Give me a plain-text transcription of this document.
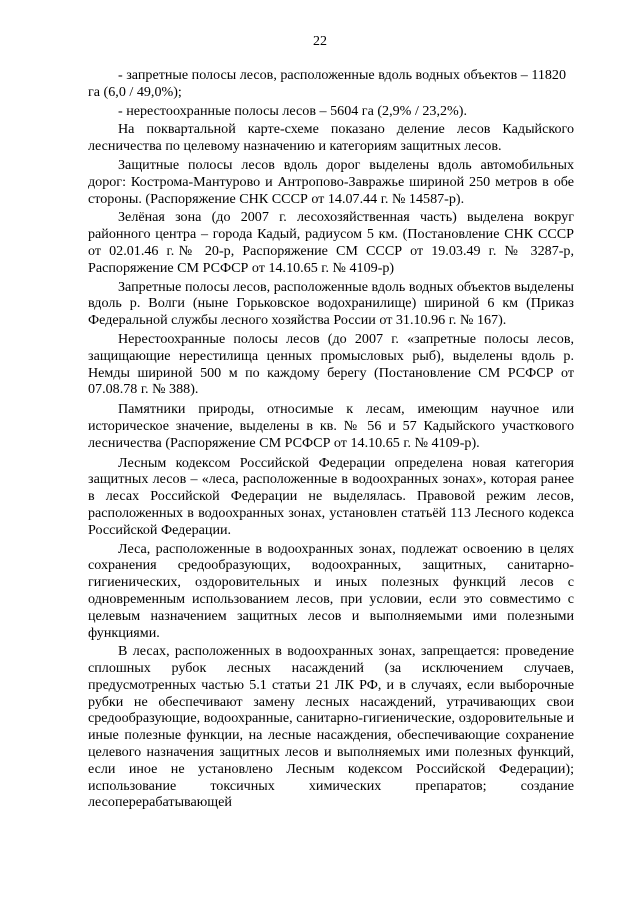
22

- запретные полосы лесов, расположенные вдоль водных объектов – 11820 га (6,0 / 49,0%);

- нерестоохранные полосы лесов – 5604 га (2,9% / 23,2%).

На поквартальной карте-схеме показано деление лесов Кадыйского лесничества по целевому назначению и категориям защитных лесов.

Защитные полосы лесов вдоль дорог выделены вдоль автомобильных дорог: Кострома-Мантурово и Антропово-Завражье шириной 250 метров в обе стороны. (Распоряжение СНК СССР от 14.07.44 г. № 14587-р).

Зелёная зона (до 2007 г. лесохозяйственная часть) выделена вокруг районного центра – города Кадый, радиусом 5 км. (Постановление СНК СССР от 02.01.46 г.№ 20-р, Распоряжение СМ СССР от 19.03.49 г. № 3287-р, Распоряжение СМ РСФСР от 14.10.65 г. № 4109-р)

Запретные полосы лесов, расположенные вдоль водных объектов выделены вдоль р. Волги (ныне Горьковское водохранилище) шириной 6 км (Приказ Федеральной службы лесного хозяйства России от 31.10.96 г. № 167).

Нерестоохранные полосы лесов (до 2007 г. «запретные полосы лесов, защищающие нерестилища ценных промысловых рыб), выделены вдоль р. Немды шириной 500 м по каждому берегу (Постановление СМ РСФСР от 07.08.78 г. № 388).

Памятники природы, относимые к лесам, имеющим научное или историческое значение, выделены в кв. № 56 и 57 Кадыйского участкового лесничества (Распоряжение СМ РСФСР от 14.10.65 г. № 4109-р).

Лесным кодексом Российской Федерации определена новая категория защитных лесов – «леса, расположенные в водоохранных зонах», которая ранее в лесах Российской Федерации не выделялась. Правовой режим лесов, расположенных в водоохранных зонах, установлен статьёй 113 Лесного кодекса Российской Федерации.

Леса, расположенные в водоохранных зонах, подлежат освоению в целях сохранения средообразующих, водоохранных, защитных, санитарно-гигиенических, оздоровительных и иных полезных функций лесов с одновременным использованием лесов, при условии, если это совместимо с целевым назначением защитных лесов и выполняемыми ими полезными функциями.

В лесах, расположенных в водоохранных зонах, запрещается: проведение сплошных рубок лесных насаждений (за исключением случаев, предусмотренных частью 5.1 статьи 21 ЛК РФ, и в случаях, если выборочные рубки не обеспечивают замену лесных насаждений, утрачивающих свои средообразующие, водоохранные, санитарно-гигиенические, оздоровительные и иные полезные функции, на лесные насаждения, обеспечивающие сохранение целевого назначения защитных лесов и выполняемых ими полезных функций, если иное не установлено Лесным кодексом Российской Федерации); использование токсичных химических препаратов; создание лесоперерабатывающей
